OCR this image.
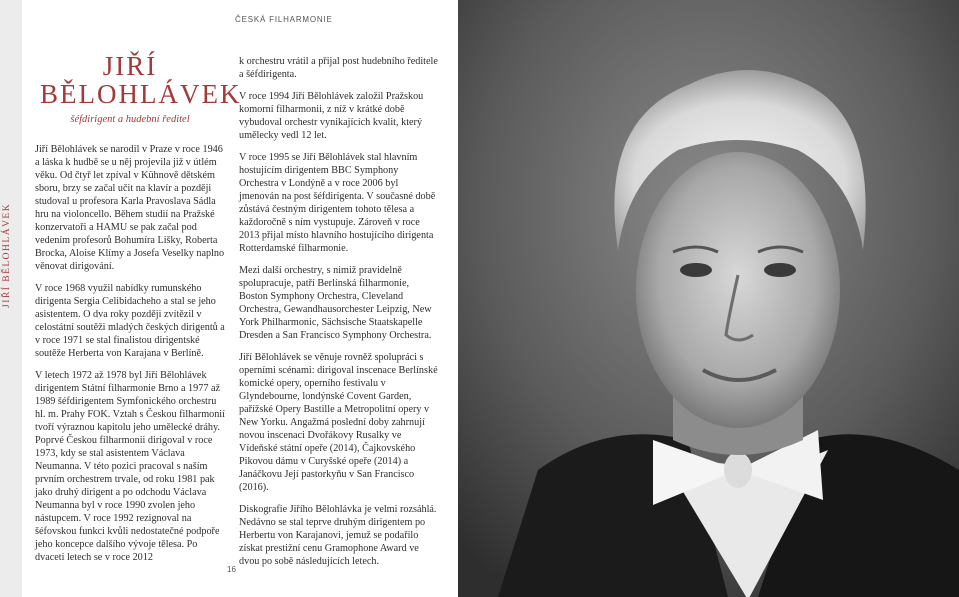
JIŘÍ BĚLOHLÁVEK
ČESKÁ FILHARMONIE
JIŘÍ
BĚLOHLÁVEK
šéfdirigent a hudební ředitel

Jiří Bělohlávek se narodil v Praze v roce 1946 a láska k hudbě se u něj projevila již v útlém věku. Od čtyř let zpíval v Kühnově dětském sboru, brzy se začal učit na klavír a později studoval u profesora Karla Pravoslava Sádla hru na violoncello. Během studií na Pražské konzervatoři a HAMU se pak začal pod vedením profesorů Bohumíra Lišky, Roberta Brocka, Aloise Klímy a Josefa Veselky naplno věnovat dirigování.

V roce 1968 využil nabídky rumunského dirigenta Sergia Celibidacheho a stal se jeho asistentem. O dva roky později zvítězil v celostátní soutěži mladých českých dirigentů a v roce 1971 se stal finalistou dirigentské soutěže Herberta von Karajana v Berlíně.

V letech 1972 až 1978 byl Jiří Bělohlávek dirigentem Státní filharmonie Brno a 1977 až 1989 šéfdirigentem Symfonického orchestru hl. m. Prahy FOK. Vztah s Českou filharmonií tvoří výraznou kapitolu jeho umělecké dráhy. Poprvé Českou filharmonii dirigoval v roce 1973, kdy se stal asistentem Václava Neumanna. V této pozici pracoval s naším prvním orchestrem trvale, od roku 1981 pak jako druhý dirigent a po odchodu Václava Neumanna byl v roce 1990 zvolen jeho nástupcem. V roce 1992 rezignoval na šéfovskou funkci kvůli nedostatečné podpoře jeho koncepce dalšího vývoje tělesa. Po dvaceti letech se v roce 2012

k orchestru vrátil a přijal post hudebního ředitele a šéfdirigenta.

V roce 1994 Jiří Bělohlávek založil Pražskou komorní filharmonii, z níž v krátké době vybudoval orchestr vynikajících kvalit, který umělecky vedl 12 let.

V roce 1995 se Jiří Bělohlávek stal hlavním hostujícím dirigentem BBC Symphony Orchestra v Londýně a v roce 2006 byl jmenován na post šéfdirigenta. V současné době zůstává čestným dirigentem tohoto tělesa a každoročně s ním vystupuje. Zároveň v roce 2013 přijal místo hlavního hostujícího dirigenta Rotterdamské filharmonie.

Mezi další orchestry, s nimiž pravidelně spolupracuje, patří Berlínská filharmonie, Boston Symphony Orchestra, Cleveland Orchestra, Gewandhausorchester Leipzig, New York Philharmonic, Sächsische Staatskapelle Dresden a San Francisco Symphony Orchestra.

Jiří Bělohlávek se věnuje rovněž spolupráci s operními scénami: dirigoval inscenace Berlínské komické opery, operního festivalu v Glyndebourne, londýnské Covent Garden, pařížské Opery Bastille a Metropolitní opery v New Yorku. Angažmá poslední doby zahrnují novou inscenaci Dvořákovy Rusalky ve Vídeňské státní opeře (2014), Čajkovského Pikovou dámu v Curyšské opeře (2014) a Janáčkovu Její pastorkyňu v San Francisco (2016).

Diskografie Jiřího Bělohlávka je velmi rozsáhlá. Nedávno se stal teprve druhým dirigentem po Herbertu von Karajanovi, jemuž se podařilo získat prestižní cenu Gramophone Award ve dvou po sobě následujících letech.

16
